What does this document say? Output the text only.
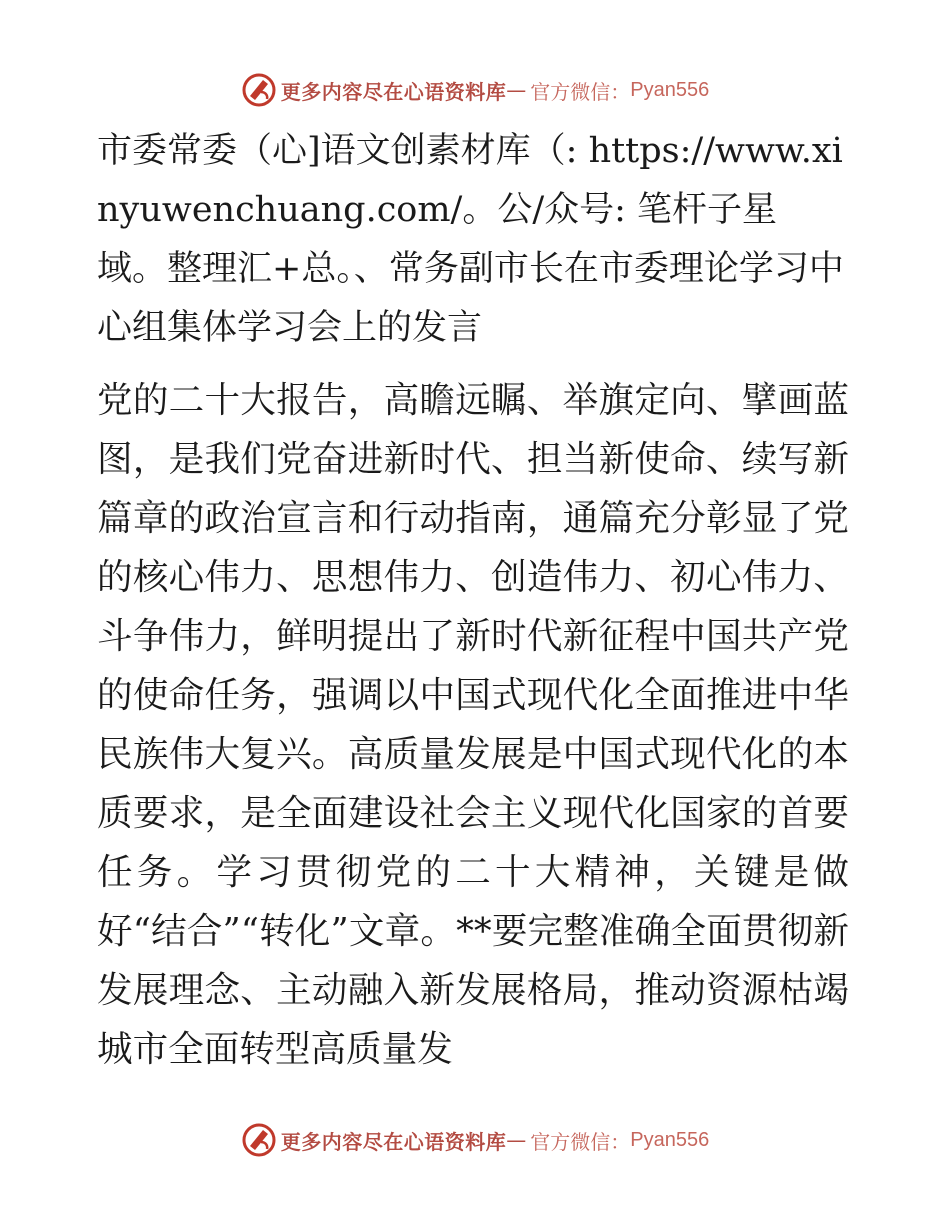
更多内容尽在心语资料库 — 官方微信： Pyan556
市委常委（心]语文创素材库（: https://www.xinyuwenchuang.com/。公/众号: 笔杆子星域。整理汇+总。、常务副市长在市委理论学习中心组集体学习会上的发言

党的二十大报告，高瞻远瞩、举旗定向、擘画蓝图，是我们党奋进新时代、担当新使命、续写新篇章的政治宣言和行动指南，通篇充分彰显了党的核心伟力、思想伟力、创造伟力、初心伟力、斗争伟力，鲜明提出了新时代新征程中国共产党的使命任务，强调以中国式现代化全面推进中华民族伟大复兴。高质量发展是中国式现代化的本质要求，是全面建设社会主义现代化国家的首要任务。学习贯彻党的二十大精神，关键是做好“结合”“转化”文章。**要完整准确全面贯彻新发展理念、主动融入新发展格局，推动资源枯竭城市全面转型高质量发

更多内容尽在心语资料库 — 官方微信： Pyan556
